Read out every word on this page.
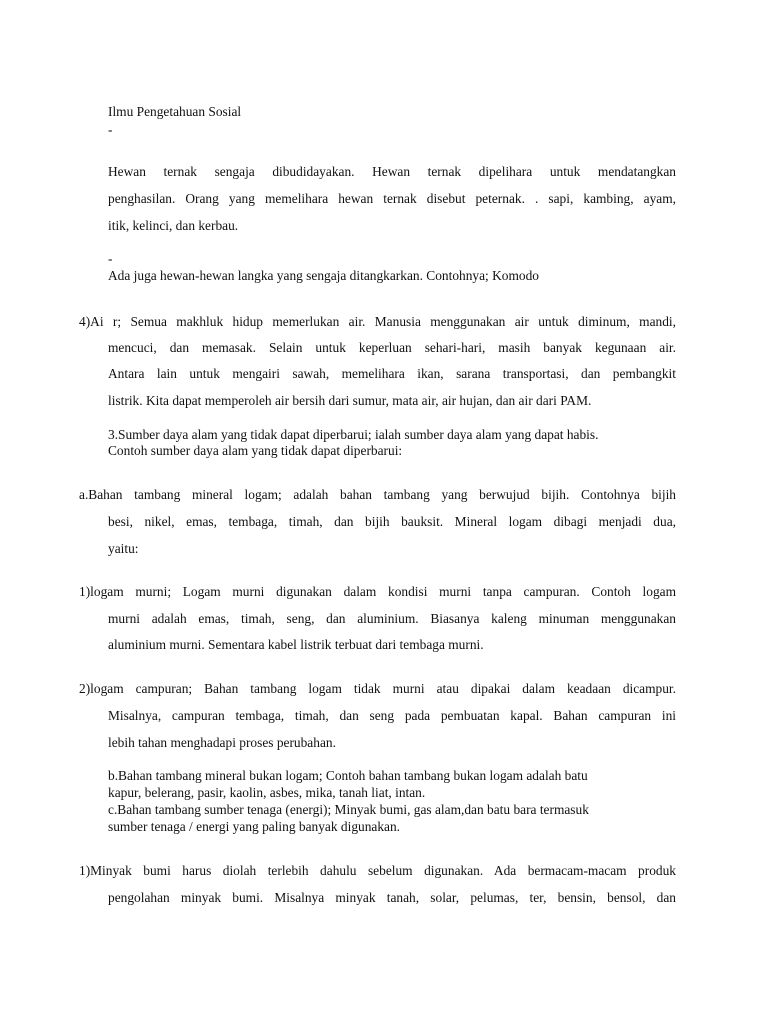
Ilmu Pengetahuan Sosial
-
Hewan ternak sengaja dibudidayakan. Hewan ternak dipelihara untuk mendatangkan
penghasilan. Orang yang memelihara hewan ternak disebut peternak. . sapi, kambing, ayam,
itik, kelinci, dan kerbau.
-
Ada juga hewan-hewan langka yang sengaja ditangkarkan. Contohnya; Komodo
4)Ai r; Semua makhluk hidup memerlukan air. Manusia menggunakan air untuk diminum, mandi,
mencuci, dan memasak. Selain untuk keperluan sehari-hari, masih banyak kegunaan air.
Antara lain untuk mengairi sawah, memelihara ikan, sarana transportasi, dan pembangkit
listrik. Kita dapat memperoleh air bersih dari sumur, mata air, air hujan, dan air dari PAM.
3.Sumber daya alam yang tidak dapat diperbarui; ialah sumber daya alam yang dapat habis.
Contoh sumber daya alam yang tidak dapat diperbarui:
a.Bahan tambang mineral logam; adalah bahan tambang yang berwujud bijih. Contohnya bijih
besi, nikel, emas, tembaga, timah, dan bijih bauksit. Mineral logam dibagi menjadi dua,
yaitu:
1)logam murni; Logam murni digunakan dalam kondisi murni tanpa campuran. Contoh logam
murni adalah emas, timah, seng, dan aluminium. Biasanya kaleng minuman menggunakan
aluminium murni. Sementara kabel listrik terbuat dari tembaga murni.
2)logam campuran; Bahan tambang logam tidak murni atau dipakai dalam keadaan dicampur.
Misalnya, campuran tembaga, timah, dan seng pada pembuatan kapal. Bahan campuran ini
lebih tahan menghadapi proses perubahan.
b.Bahan tambang mineral bukan logam; Contoh bahan tambang bukan logam adalah batu
kapur, belerang, pasir, kaolin, asbes, mika, tanah liat, intan.
c.Bahan tambang sumber tenaga (energi); Minyak bumi, gas alam,dan batu bara termasuk
sumber tenaga / energi yang paling banyak digunakan.
1)Minyak bumi harus diolah terlebih dahulu sebelum digunakan. Ada bermacam-macam produk
pengolahan minyak bumi. Misalnya minyak tanah, solar, pelumas, ter, bensin, bensol, dan
